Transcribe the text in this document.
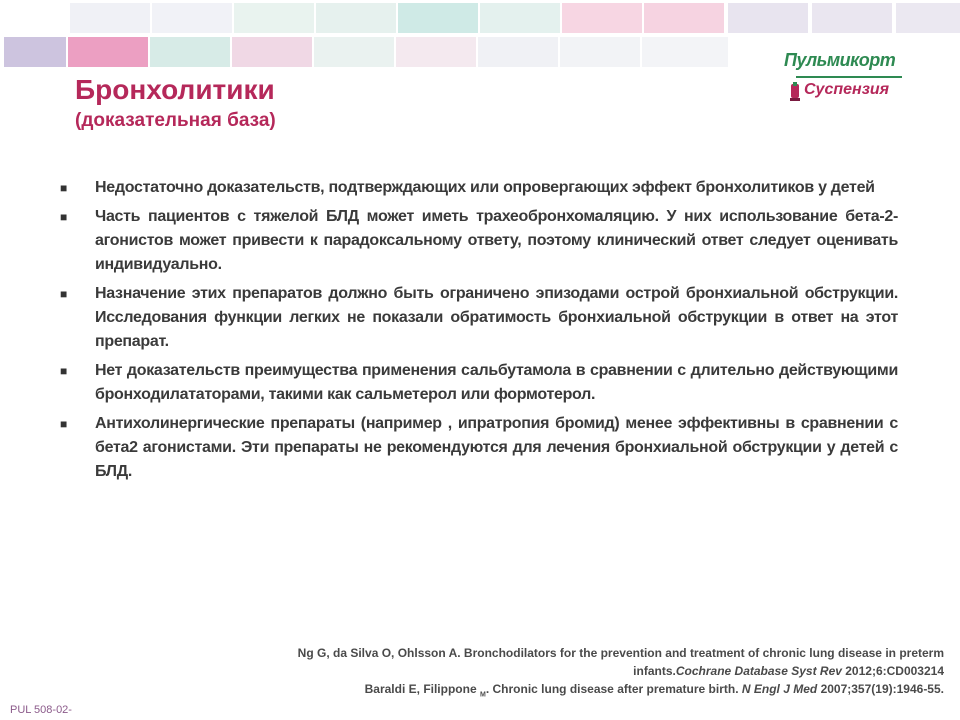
Пульмикорт
Суспензия
Бронхолитики
(доказательная база)
■ Недостаточно доказательств, подтверждающих или опровергающих эффект бронхолитиков у детей
■ Часть пациентов с тяжелой БЛД может иметь трахеобронхомаляцию. У них использование бета-2-агонистов может привести к парадоксальному ответу, поэтому клинический ответ следует оценивать индивидуально.
■ Назначение этих препаратов должно быть ограничено эпизодами острой бронхиальной обструкции. Исследования функции легких не показали обратимость бронхиальной обструкции в ответ на этот препарат.
■ Нет доказательств преимущества применения сальбутамола в сравнении с длительно действующими бронходилататорами, такими как сальметерол или формотерол.
■ Антихолинергические препараты (например , ипратропия бромид) менее эффективны в сравнении с бета2 агонистами. Эти препараты не рекомендуются для лечения бронхиальной обструкции у детей с БЛД.
Ng G, da Silva O, Ohlsson A. Bronchodilators for the prevention and treatment of chronic lung disease in preterm
infants.Cochrane Database Syst Rev 2012;6:CD003214
Baraldi E, Filippone $_M$. Chronic lung disease after premature birth. N Engl J Med 2007;357(19):1946-55.
PUL 508-02-
